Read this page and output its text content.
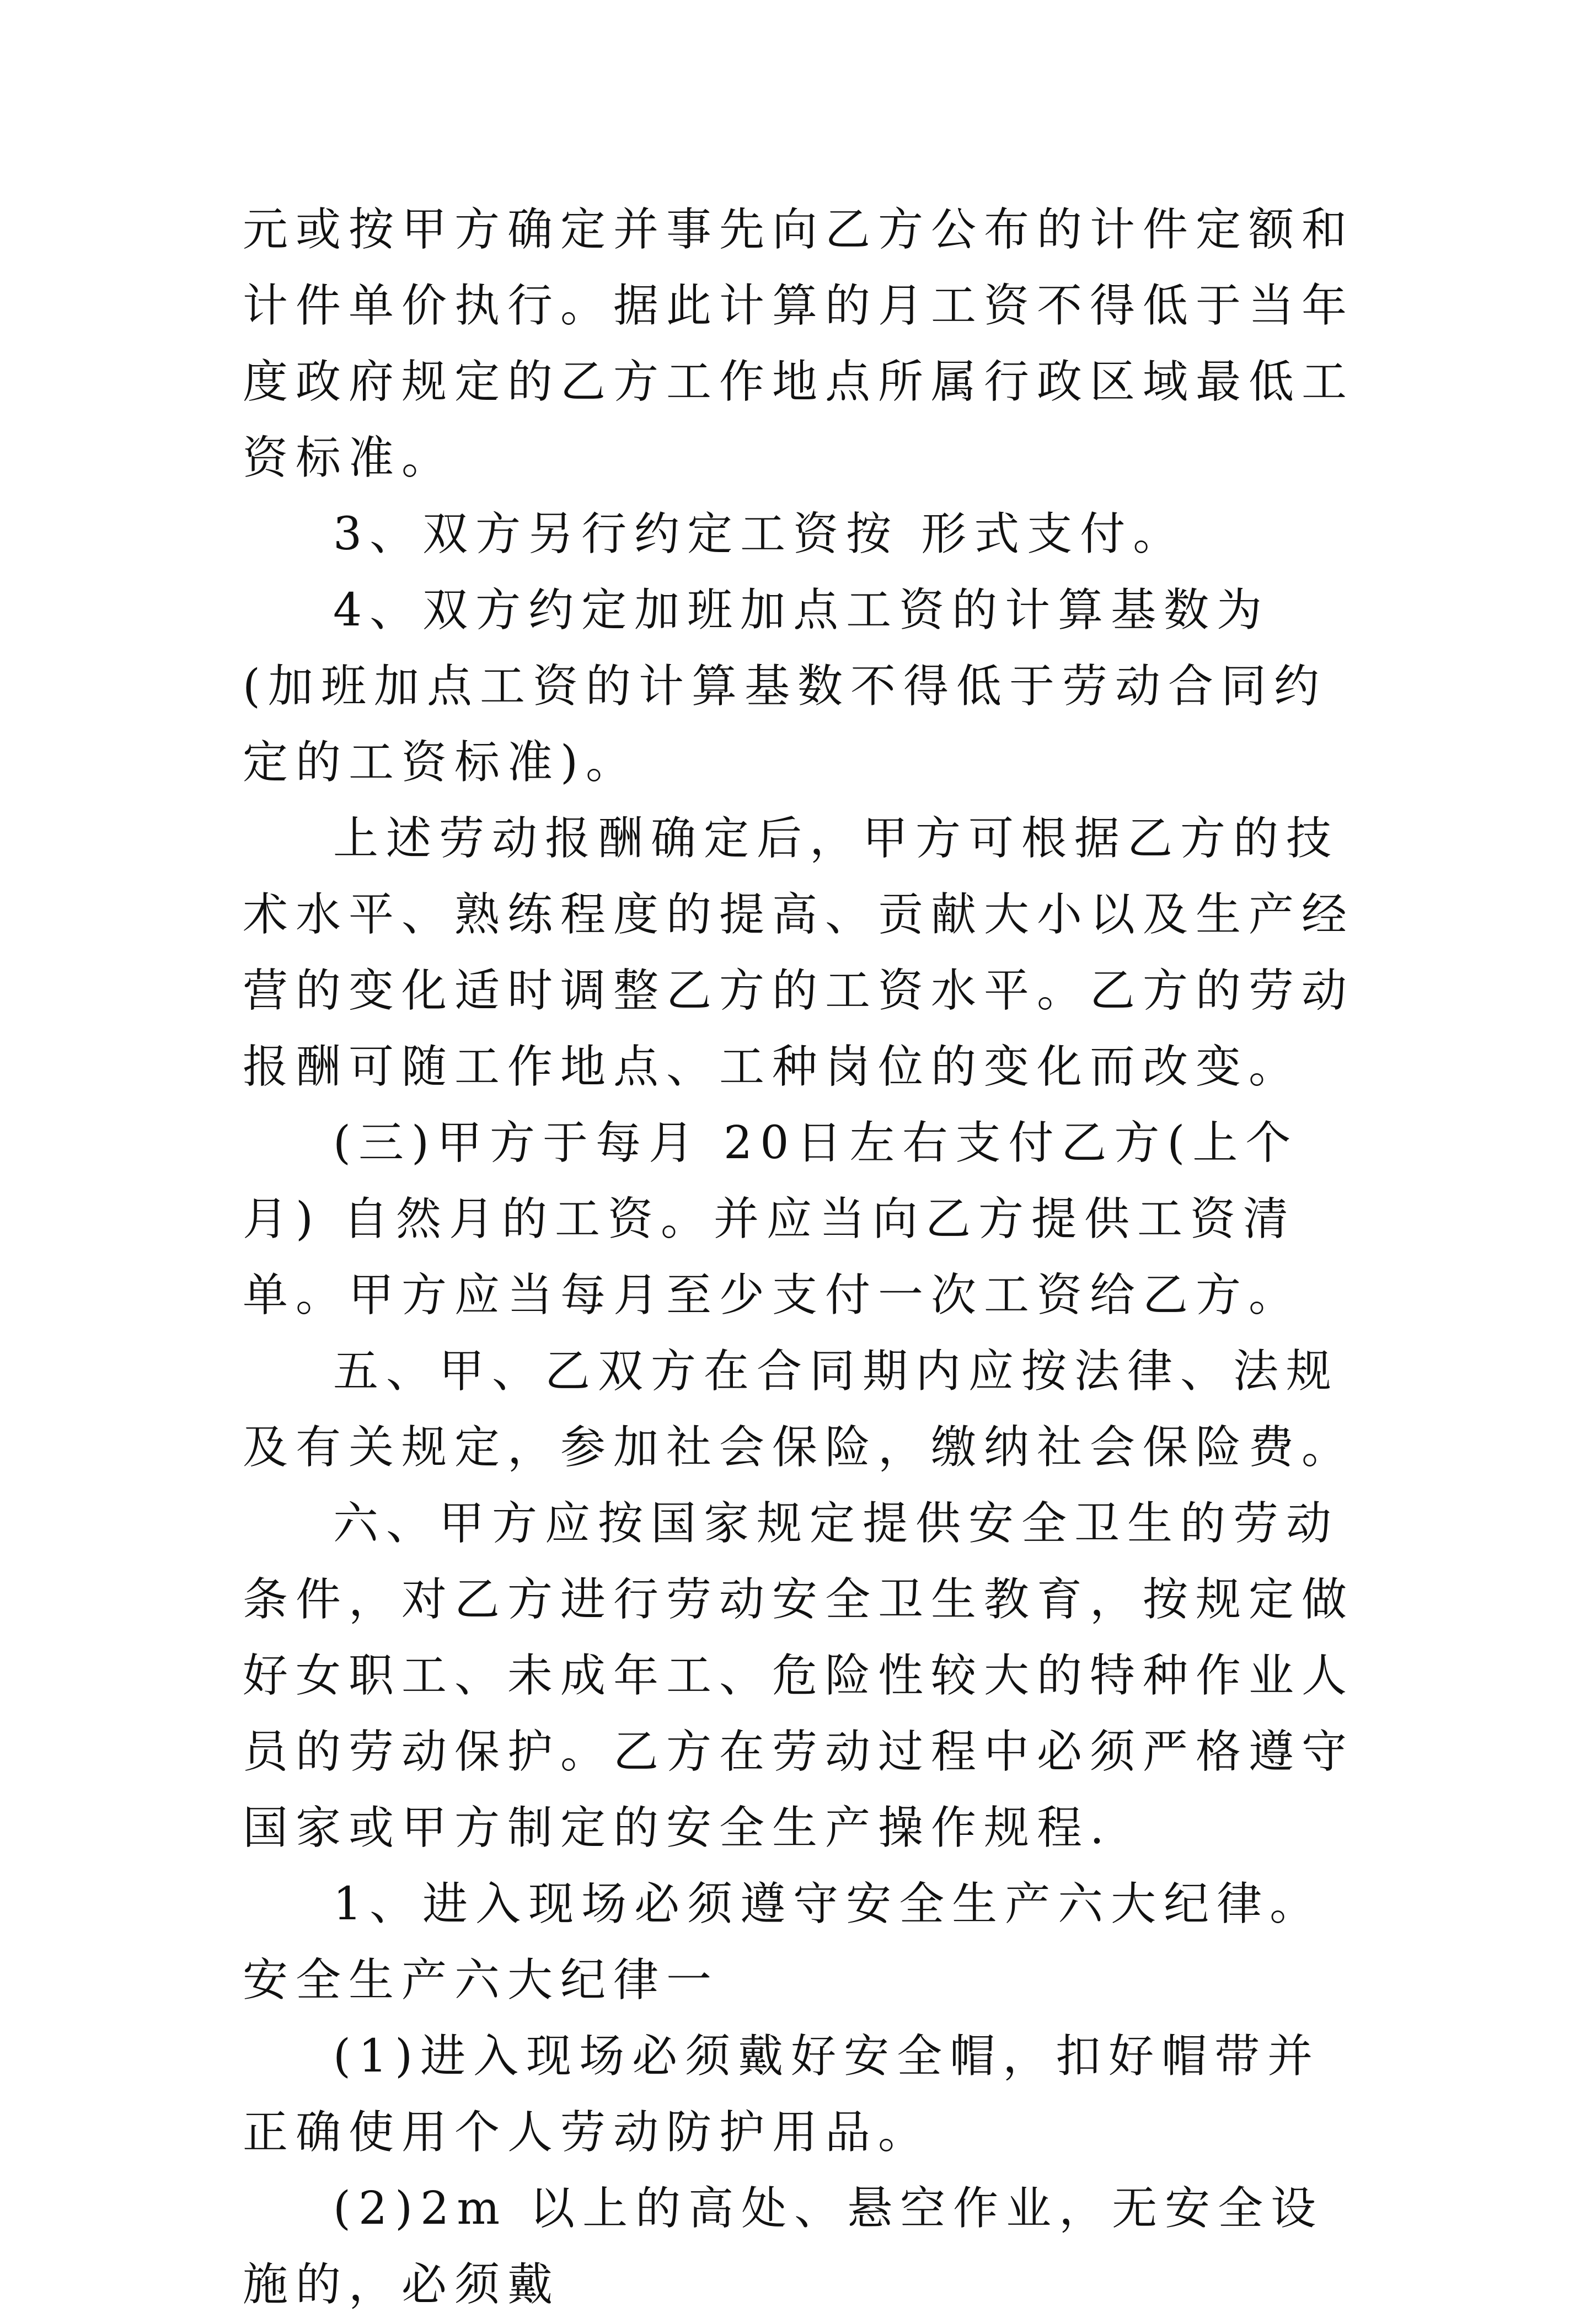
元或按甲方确定并事先向乙方公布的计件定额和计件单价执行。据此计算的月工资不得低于当年度政府规定的乙方工作地点所属行政区域最低工资标准。

3、双方另行约定工资按 形式支付。

4、双方约定加班加点工资的计算基数为 (加班加点工资的计算基数不得低于劳动合同约定的工资标准)。

上述劳动报酬确定后，甲方可根据乙方的技术水平、熟练程度的提高、贡献大小以及生产经营的变化适时调整乙方的工资水平。乙方的劳动报酬可随工作地点、工种岗位的变化而改变。

(三)甲方于每月 20日左右支付乙方(上个月) 自然月的工资。并应当向乙方提供工资清单。甲方应当每月至少支付一次工资给乙方。

五、甲、乙双方在合同期内应按法律、法规及有关规定，参加社会保险，缴纳社会保险费。

六、甲方应按国家规定提供安全卫生的劳动条件，对乙方进行劳动安全卫生教育，按规定做好女职工、未成年工、危险性较大的特种作业人员的劳动保护。乙方在劳动过程中必须严格遵守国家或甲方制定的安全生产操作规程.

1、进入现场必须遵守安全生产六大纪律。安全生产六大纪律一

(1)进入现场必须戴好安全帽，扣好帽带并正确使用个人劳动防护用品。

(2)2m 以上的高处、悬空作业，无安全设施的，必须戴
